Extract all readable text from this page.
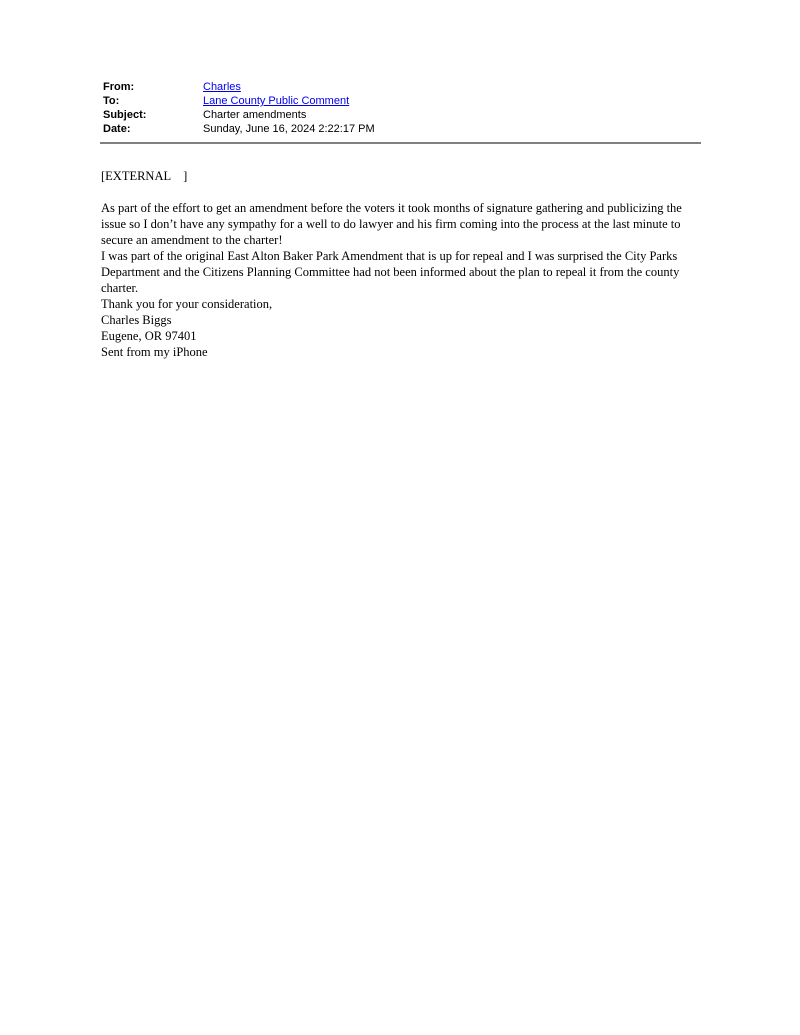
From:	Charles
To:	Lane County Public Comment
Subject:	Charter amendments
Date:	Sunday, June 16, 2024 2:22:17 PM
[EXTERNAL    ]
As part of the effort to get an amendment before the voters it took months of signature gathering and publicizing the issue so I don’t have any sympathy for a well to do lawyer and his firm coming into the process at the last minute to secure an amendment to the charter!
I was part of the original East Alton Baker Park Amendment that is up for repeal and I was surprised the City Parks Department and the Citizens Planning Committee had not been informed about the plan to repeal it from the county charter.
Thank you for your consideration,
Charles Biggs
Eugene, OR 97401
Sent from my iPhone
